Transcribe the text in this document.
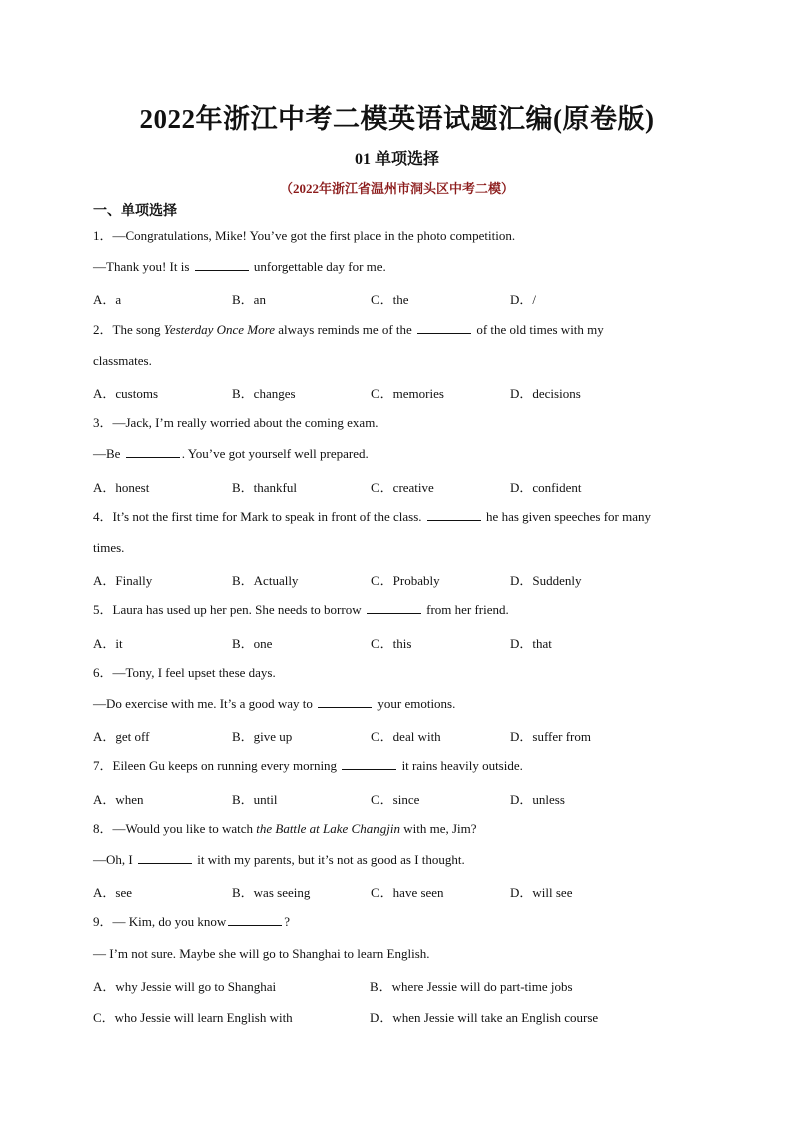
2022年浙江中考二模英语试题汇编(原卷版)
01 单项选择
（2022年浙江省温州市洞头区中考二模）
一、单项选择
1．—Congratulations, Mike! You’ve got the first place in the photo competition.
—Thank you! It is	unforgettable day for me.
A．a	B．an	C．the	D．/
2．The song Yesterday Once More always reminds me of the	of the old times with my
classmates.
A．customs	B．changes	C．memories	D．decisions
3．—Jack, I’m really worried about the coming exam.
—Be	. You’ve got yourself well prepared.
A．honest	B．thankful	C．creative	D．confident
4．It’s not the first time for Mark to speak in front of the class.	he has given speeches for many
times.
A．Finally	B．Actually	C．Probably	D．Suddenly
5．Laura has used up her pen. She needs to borrow	from her friend.
A．it	B．one	C．this	D．that
6．—Tony, I feel upset these days.
—Do exercise with me. It’s a good way to	your emotions.
A．get off	B．give up	C．deal with	D．suffer from
7．Eileen Gu keeps on running every morning	it rains heavily outside.
A．when	B．until	C．since	D．unless
8．—Would you like to watch the Battle at Lake Changjin with me, Jim?
—Oh, I	it with my parents, but it’s not as good as I thought.
A．see	B．was seeing	C．have seen	D．will see
9．— Kim, do you know	?
— I’m not sure. Maybe she will go to Shanghai to learn English.
A．why Jessie will go to Shanghai	B．where Jessie will do part-time jobs
C．who Jessie will learn English with	D．when Jessie will take an English course
